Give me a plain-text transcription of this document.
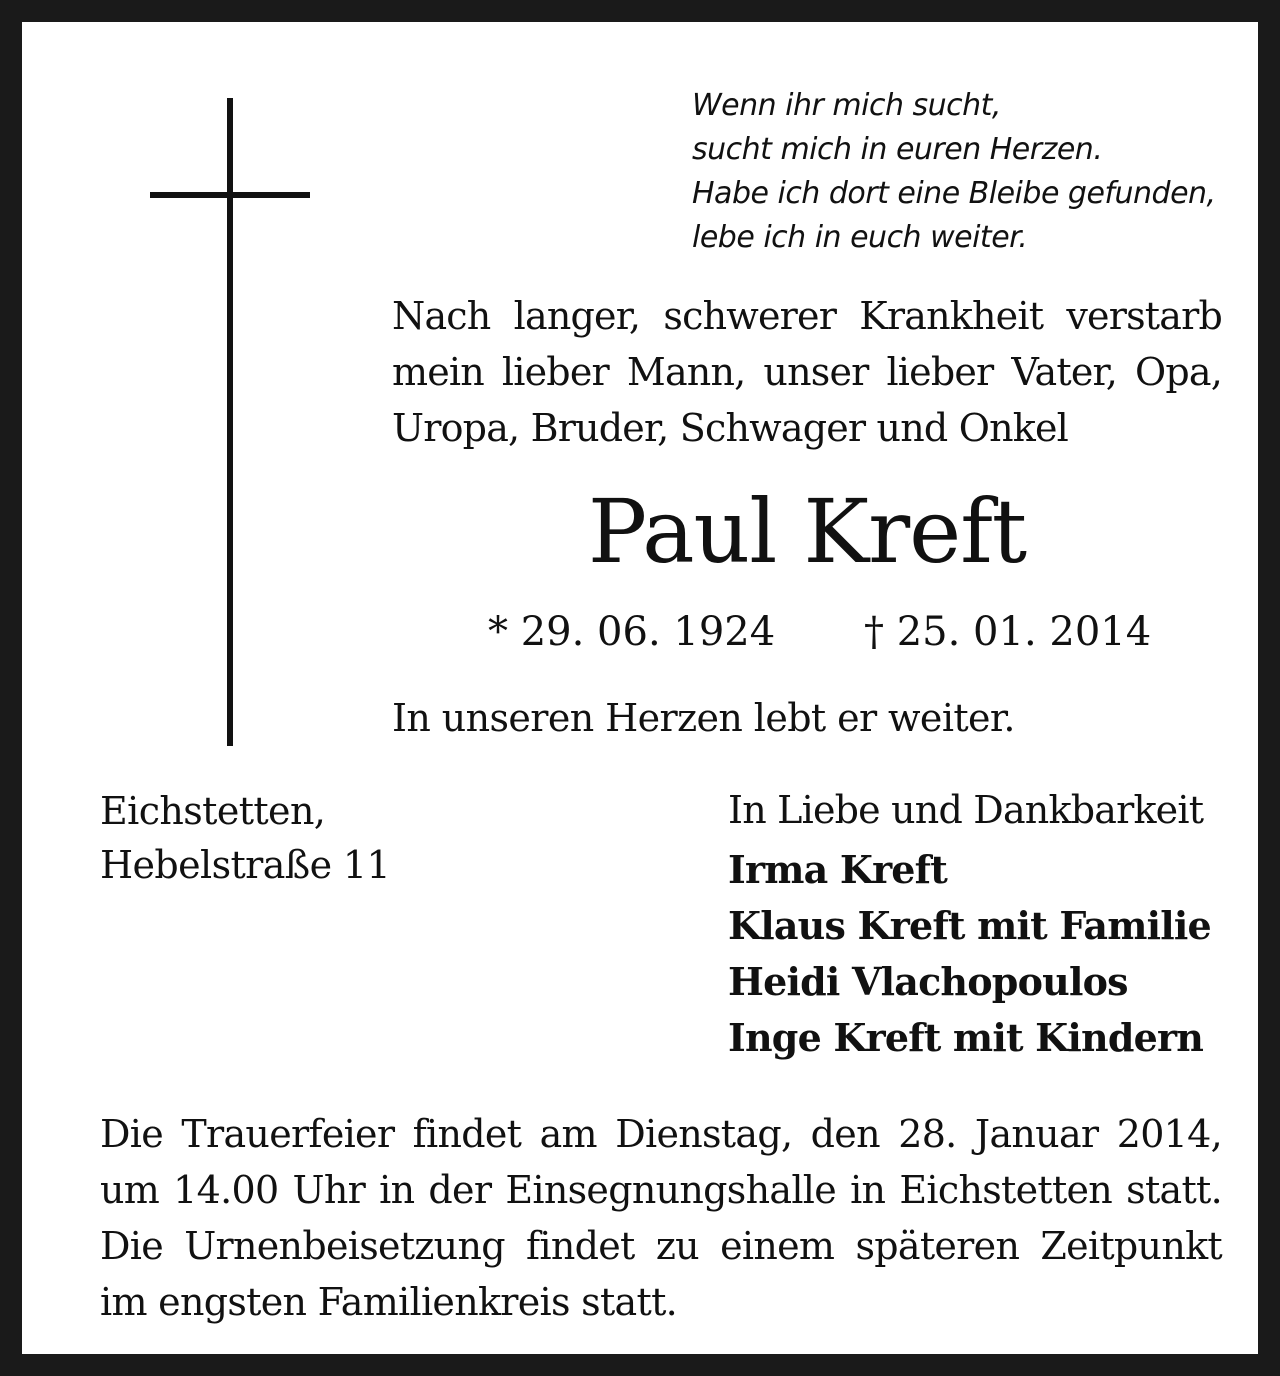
Wenn ihr mich sucht,
sucht mich in euren Herzen.
Habe ich dort eine Bleibe gefunden,
lebe ich in euch weiter.
Nach langer, schwerer Krankheit verstarb
mein lieber Mann, unser lieber Vater, Opa,
Uropa, Bruder, Schwager und Onkel
Paul Kreft
* 29. 06. 1924 † 25. 01. 2014
In unseren Herzen lebt er weiter.
Eichstetten,
Hebelstraße 11
In Liebe und Dankbarkeit
Irma Kreft
Klaus Kreft mit Familie
Heidi Vlachopoulos
Inge Kreft mit Kindern
Die Trauerfeier findet am Dienstag, den 28. Januar 2014,
um 14.00 Uhr in der Einsegnungshalle in Eichstetten statt.
Die Urnenbeisetzung findet zu einem späteren Zeitpunkt
im engsten Familienkreis statt.
